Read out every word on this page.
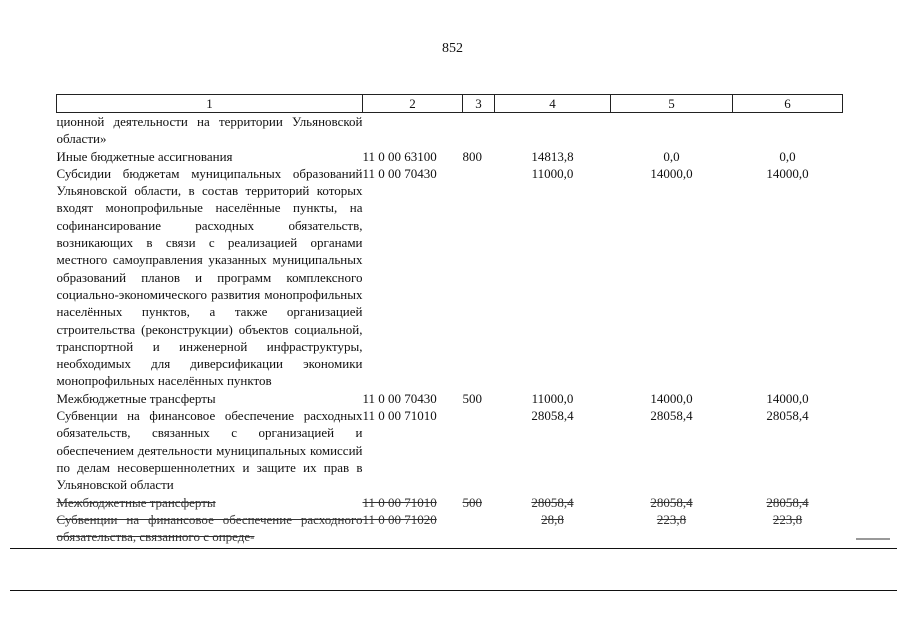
852
1	2	3	4	5	6
ционной деятельности на территории Ульяновской области»					
Иные бюджетные ассигнования	11 0 00 63100	800	14813,8	0,0	0,0
Субсидии бюджетам муниципальных образований Ульяновской области, в состав территорий которых входят монопрофильные населённые пункты, на софинансирование расходных обязательств, возникающих в связи с реализацией органами местного самоуправления указанных муниципальных образований планов и программ комплексного социально-экономического развития монопрофильных населённых пунктов, а также организацией строительства (реконструкции) объектов социальной, транспортной и инженерной инфраструктуры, необходимых для диверсификации экономики монопрофильных населённых пунктов	11 0 00 70430		11000,0	14000,0	14000,0
Межбюджетные трансферты	11 0 00 70430	500	11000,0	14000,0	14000,0
Субвенции на финансовое обеспечение расходных обязательств, связанных с организацией и обеспечением деятельности муниципальных комиссий по делам несовершеннолетних и защите их прав в Ульяновской области	11 0 00 71010		28058,4	28058,4	28058,4
Межбюджетные трансферты	11 0 00 71010	500	28058,4	28058,4	28058,4
Субвенции на финансовое обеспечение расходного обязательства, связанного с опреде-	11 0 00 71020		28,8	223,8	223,8
